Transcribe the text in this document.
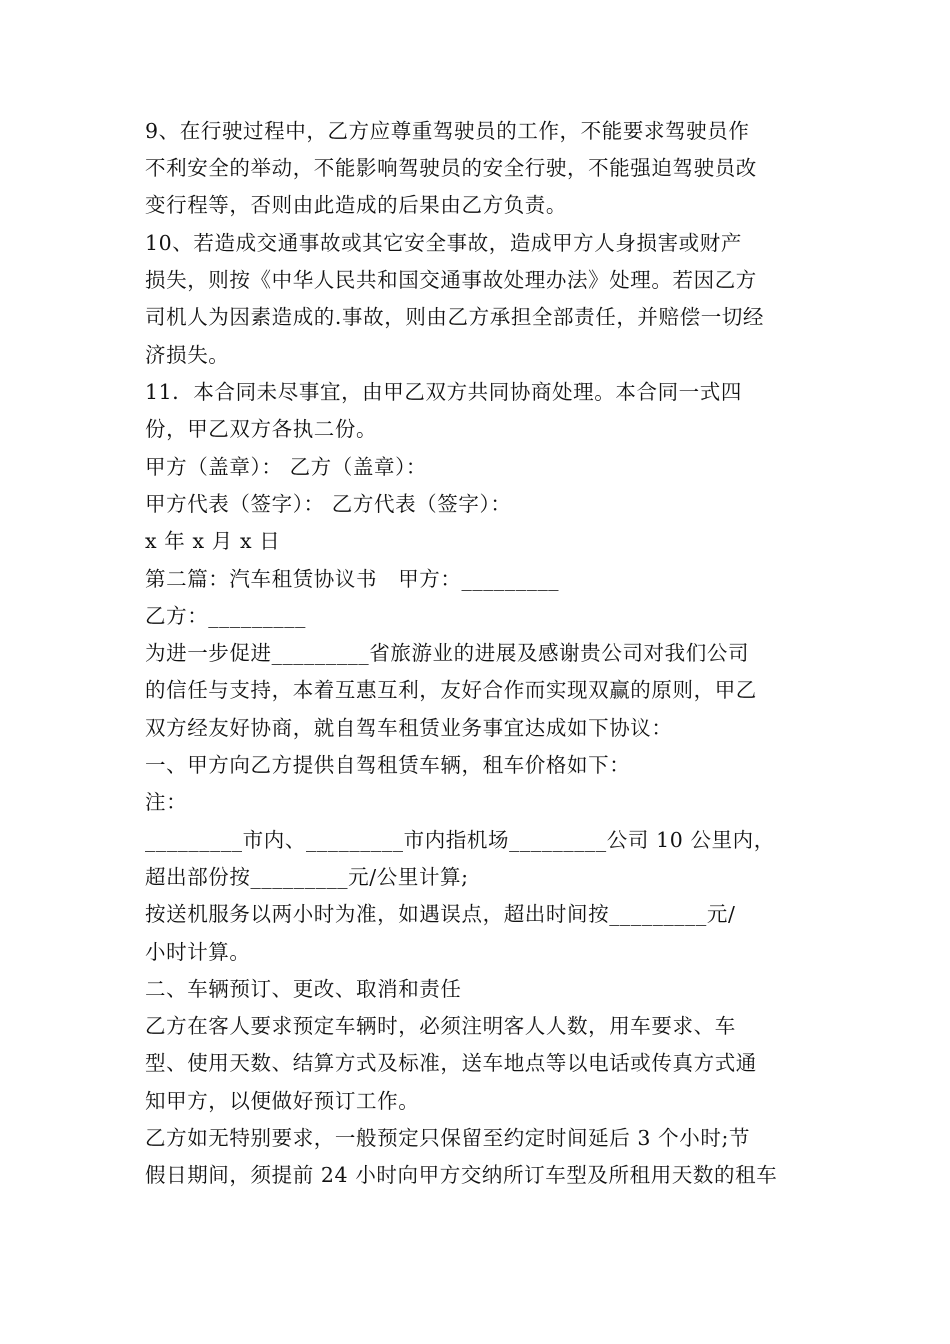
9、在行驶过程中，乙方应尊重驾驶员的工作，不能要求驾驶员作
不利安全的举动，不能影响驾驶员的安全行驶，不能强迫驾驶员改
变行程等，否则由此造成的后果由乙方负责。
10、若造成交通事故或其它安全事故，造成甲方人身损害或财产
损失，则按《中华人民共和国交通事故处理办法》处理。若因乙方
司机人为因素造成的.事故，则由乙方承担全部责任，并赔偿一切经
济损失。
11．本合同未尽事宜，由甲乙双方共同协商处理。本合同一式四
份，甲乙双方各执二份。
甲方（盖章）： 乙方（盖章）：
甲方代表（签字）： 乙方代表（签字）：
x 年 x 月 x 日
第二篇：汽车租赁协议书　甲方：_________
乙方：_________
为进一步促进_________省旅游业的进展及感谢贵公司对我们公司
的信任与支持，本着互惠互利，友好合作而实现双赢的原则，甲乙
双方经友好协商，就自驾车租赁业务事宜达成如下协议：
一、甲方向乙方提供自驾租赁车辆，租车价格如下：
注：
_________市内、_________市内指机场_________公司 10 公里内，
超出部份按_________元/公里计算;
按送机服务以两小时为准，如遇误点，超出时间按_________元/
小时计算。
二、车辆预订、更改、取消和责任
乙方在客人要求预定车辆时，必须注明客人人数，用车要求、车
型、使用天数、结算方式及标准，送车地点等以电话或传真方式通
知甲方，以便做好预订工作。
乙方如无特别要求，一般预定只保留至约定时间延后 3 个小时;节
假日期间，须提前 24 小时向甲方交纳所订车型及所租用天数的租车
